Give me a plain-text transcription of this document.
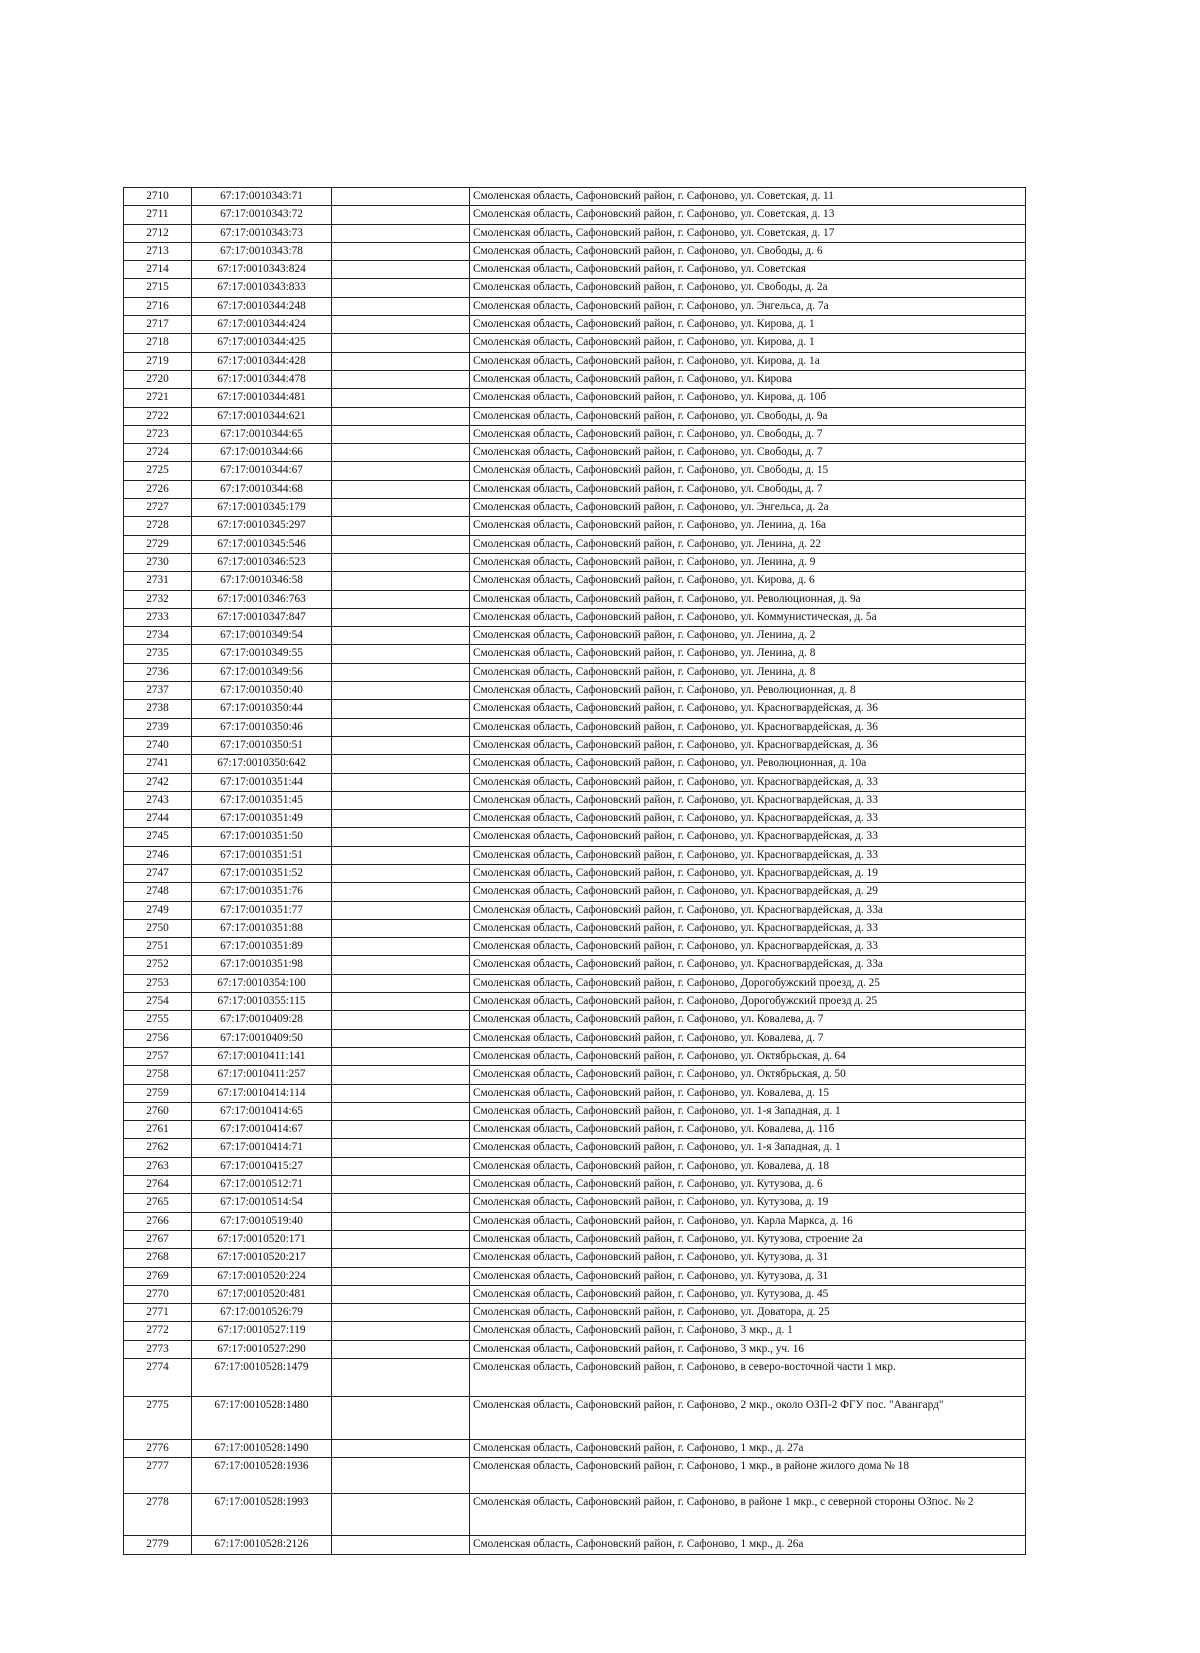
2710	67:17:0010343:71		Смоленская область, Сафоновский район, г. Сафоново, ул. Советская, д. 11
2711	67:17:0010343:72		Смоленская область, Сафоновский район, г. Сафоново, ул. Советская, д. 13
2712	67:17:0010343:73		Смоленская область, Сафоновский район, г. Сафоново, ул. Советская, д. 17
2713	67:17:0010343:78		Смоленская область, Сафоновский район, г. Сафоново, ул. Свободы, д. 6
2714	67:17:0010343:824		Смоленская область, Сафоновский район, г. Сафоново, ул. Советская
2715	67:17:0010343:833		Смоленская область, Сафоновский район, г. Сафоново, ул. Свободы, д. 2а
2716	67:17:0010344:248		Смоленская область, Сафоновский район, г. Сафоново, ул. Энгельса, д. 7а
2717	67:17:0010344:424		Смоленская область, Сафоновский район, г. Сафоново, ул. Кирова, д. 1
2718	67:17:0010344:425		Смоленская область, Сафоновский район, г. Сафоново, ул. Кирова, д. 1
2719	67:17:0010344:428		Смоленская область, Сафоновский район, г. Сафоново, ул. Кирова, д. 1а
2720	67:17:0010344:478		Смоленская область, Сафоновский район, г. Сафоново, ул. Кирова
2721	67:17:0010344:481		Смоленская область, Сафоновский район, г. Сафоново, ул. Кирова, д. 10б
2722	67:17:0010344:621		Смоленская область, Сафоновский район, г. Сафоново, ул. Свободы, д. 9а
2723	67:17:0010344:65		Смоленская область, Сафоновский район, г. Сафоново, ул. Свободы, д. 7
2724	67:17:0010344:66		Смоленская область, Сафоновский район, г. Сафоново, ул. Свободы, д. 7
2725	67:17:0010344:67		Смоленская область, Сафоновский район, г. Сафоново, ул. Свободы, д. 15
2726	67:17:0010344:68		Смоленская область, Сафоновский район, г. Сафоново, ул. Свободы, д. 7
2727	67:17:0010345:179		Смоленская область, Сафоновский район, г. Сафоново, ул. Энгельса, д. 2а
2728	67:17:0010345:297		Смоленская область, Сафоновский район, г. Сафоново, ул. Ленина, д. 16а
2729	67:17:0010345:546		Смоленская область, Сафоновский район, г. Сафоново, ул. Ленина, д. 22
2730	67:17:0010346:523		Смоленская область, Сафоновский район, г. Сафоново, ул. Ленина, д. 9
2731	67:17:0010346:58		Смоленская область, Сафоновский район, г. Сафоново, ул. Кирова, д. 6
2732	67:17:0010346:763		Смоленская область, Сафоновский район, г. Сафоново, ул. Революционная, д. 9а
2733	67:17:0010347:847		Смоленская область, Сафоновский район, г. Сафоново, ул. Коммунистическая, д. 5а
2734	67:17:0010349:54		Смоленская область, Сафоновский район, г. Сафоново, ул. Ленина, д. 2
2735	67:17:0010349:55		Смоленская область, Сафоновский район, г. Сафоново, ул. Ленина, д. 8
2736	67:17:0010349:56		Смоленская область, Сафоновский район, г. Сафоново, ул. Ленина, д. 8
2737	67:17:0010350:40		Смоленская область, Сафоновский район, г. Сафоново, ул. Революционная, д. 8
2738	67:17:0010350:44		Смоленская область, Сафоновский район, г. Сафоново, ул. Красногвардейская, д. 36
2739	67:17:0010350:46		Смоленская область, Сафоновский район, г. Сафоново, ул. Красногвардейская, д. 36
2740	67:17:0010350:51		Смоленская область, Сафоновский район, г. Сафоново, ул. Красногвардейская, д. 36
2741	67:17:0010350:642		Смоленская область, Сафоновский район, г. Сафоново, ул. Революционная, д. 10а
2742	67:17:0010351:44		Смоленская область, Сафоновский район, г. Сафоново, ул. Красногвардейская, д. 33
2743	67:17:0010351:45		Смоленская область, Сафоновский район, г. Сафоново, ул. Красногвардейская, д. 33
2744	67:17:0010351:49		Смоленская область, Сафоновский район, г. Сафоново, ул. Красногвардейская, д. 33
2745	67:17:0010351:50		Смоленская область, Сафоновский район, г. Сафоново, ул. Красногвардейская, д. 33
2746	67:17:0010351:51		Смоленская область, Сафоновский район, г. Сафоново, ул. Красногвардейская, д. 33
2747	67:17:0010351:52		Смоленская область, Сафоновский район, г. Сафоново, ул. Красногвардейская, д. 19
2748	67:17:0010351:76		Смоленская область, Сафоновский район, г. Сафоново, ул. Красногвардейская, д. 29
2749	67:17:0010351:77		Смоленская область, Сафоновский район, г. Сафоново, ул. Красногвардейская, д. 33а
2750	67:17:0010351:88		Смоленская область, Сафоновский район, г. Сафоново, ул. Красногвардейская, д. 33
2751	67:17:0010351:89		Смоленская область, Сафоновский район, г. Сафоново, ул. Красногвардейская, д. 33
2752	67:17:0010351:98		Смоленская область, Сафоновский район, г. Сафоново, ул. Красногвардейская, д. 33а
2753	67:17:0010354:100		Смоленская область, Сафоновский район, г. Сафоново, Дорогобужский проезд, д. 25
2754	67:17:0010355:115		Смоленская область, Сафоновский район, г. Сафоново, Дорогобужский проезд д. 25
2755	67:17:0010409:28		Смоленская область, Сафоновский район, г. Сафоново, ул. Ковалева, д. 7
2756	67:17:0010409:50		Смоленская область, Сафоновский район, г. Сафоново, ул. Ковалева, д. 7
2757	67:17:0010411:141		Смоленская область, Сафоновский район, г. Сафоново, ул. Октябрьская, д. 64
2758	67:17:0010411:257		Смоленская область, Сафоновский район, г. Сафоново, ул. Октябрьская, д. 50
2759	67:17:0010414:114		Смоленская область, Сафоновский район, г. Сафоново, ул. Ковалева, д. 15
2760	67:17:0010414:65		Смоленская область, Сафоновский район, г. Сафоново, ул. 1-я Западная, д. 1
2761	67:17:0010414:67		Смоленская область, Сафоновский район, г. Сафоново, ул. Ковалева, д. 11б
2762	67:17:0010414:71		Смоленская область, Сафоновский район, г. Сафоново, ул. 1-я Западная, д. 1
2763	67:17:0010415:27		Смоленская область, Сафоновский район, г. Сафоново, ул. Ковалева, д. 18
2764	67:17:0010512:71		Смоленская область, Сафоновский район, г. Сафоново, ул. Кутузова, д. 6
2765	67:17:0010514:54		Смоленская область, Сафоновский район, г. Сафоново, ул. Кутузова, д. 19
2766	67:17:0010519:40		Смоленская область, Сафоновский район, г. Сафоново, ул. Карла Маркса, д. 16
2767	67:17:0010520:171		Смоленская область, Сафоновский район, г. Сафоново, ул. Кутузова, строение 2а
2768	67:17:0010520:217		Смоленская область, Сафоновский район, г. Сафоново, ул. Кутузова, д. 31
2769	67:17:0010520:224		Смоленская область, Сафоновский район, г. Сафоново, ул. Кутузова, д. 31
2770	67:17:0010520:481		Смоленская область, Сафоновский район, г. Сафоново, ул. Кутузова, д. 45
2771	67:17:0010526:79		Смоленская область, Сафоновский район, г. Сафоново, ул. Доватора, д. 25
2772	67:17:0010527:119		Смоленская область, Сафоновский район, г. Сафоново, 3 мкр., д. 1
2773	67:17:0010527:290		Смоленская область, Сафоновский район, г. Сафоново, 3 мкр., уч. 16
2774	67:17:0010528:1479		Смоленская область, Сафоновский район, г. Сафоново, в северо-восточной части 1 мкр.
2775	67:17:0010528:1480		Смоленская область, Сафоновский район, г. Сафоново, 2 мкр., около ОЗП-2 ФГУ пос. "Авангард"
2776	67:17:0010528:1490		Смоленская область, Сафоновский район, г. Сафоново, 1 мкр., д. 27а
2777	67:17:0010528:1936		Смоленская область, Сафоновский район, г. Сафоново, 1 мкр., в районе жилого дома № 18
2778	67:17:0010528:1993		Смоленская область, Сафоновский район, г. Сафоново, в районе 1 мкр., с северной стороны ОЗпос. № 2
2779	67:17:0010528:2126		Смоленская область, Сафоновский район, г. Сафоново, 1 мкр., д. 26а
